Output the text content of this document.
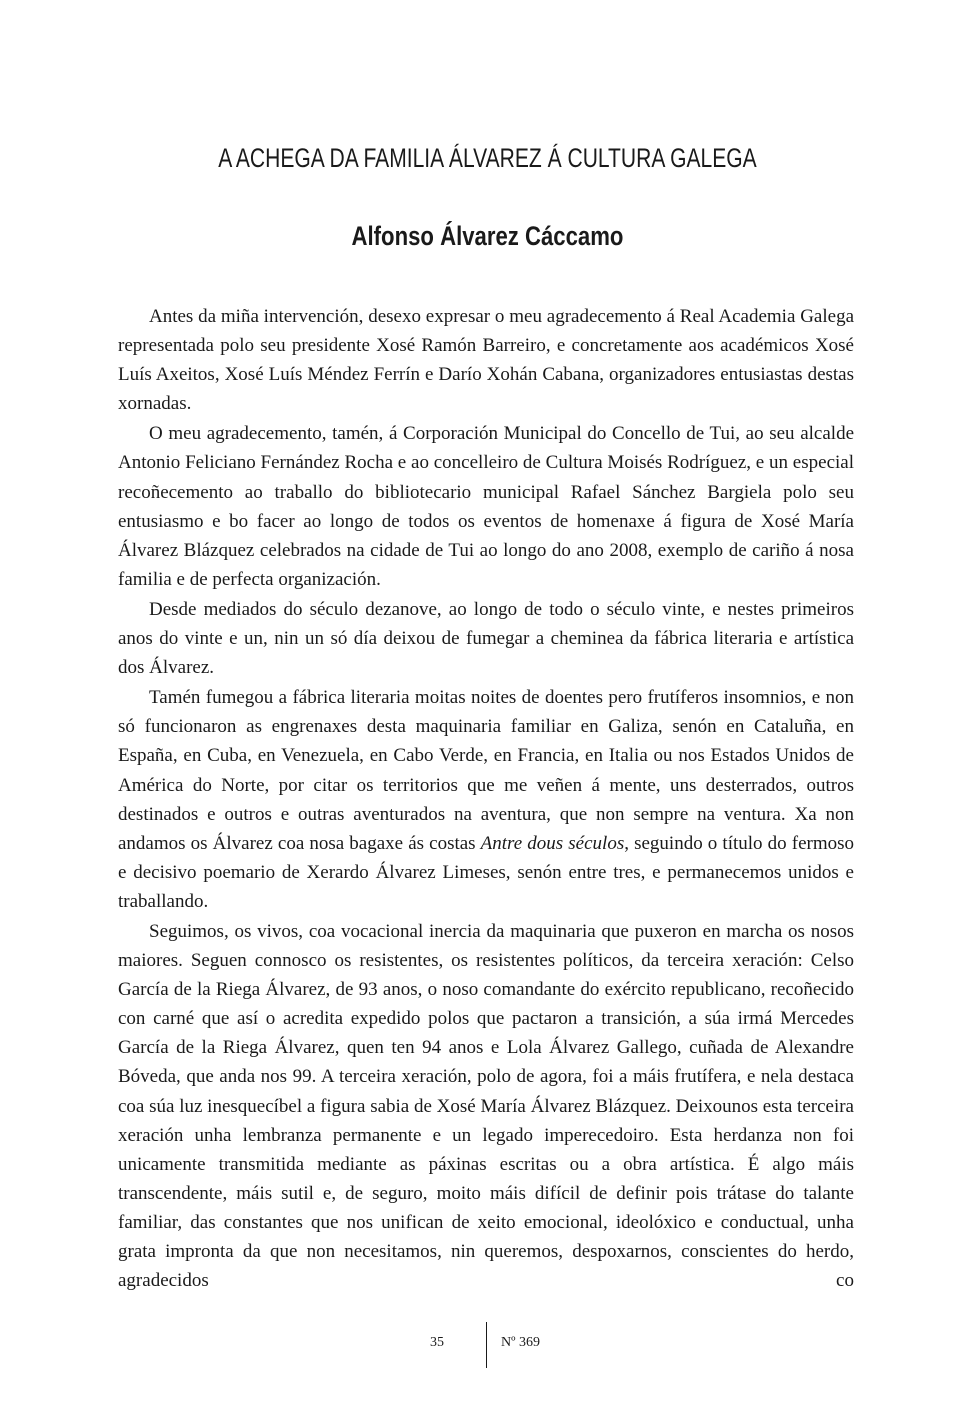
A ACHEGA DA FAMILIA ÁLVAREZ Á CULTURA GALEGA
Alfonso Álvarez Cáccamo

Antes da miña intervención, desexo expresar o meu agradecemento á Real Academia Galega representada polo seu presidente Xosé Ramón Barreiro, e concretamente aos académicos Xosé Luís Axeitos, Xosé Luís Méndez Ferrín e Darío Xohán Cabana, organizadores entusiastas destas xornadas.

O meu agradecemento, tamén, á Corporación Municipal do Concello de Tui, ao seu alcalde Antonio Feliciano Fernández Rocha e ao concelleiro de Cultura Moisés Rodríguez, e un especial recoñecemento ao traballo do bibliotecario municipal Rafael Sánchez Bargiela polo seu entusiasmo e bo facer ao longo de todos os eventos de homenaxe á figura de Xosé María Álvarez Blázquez celebrados na cidade de Tui ao longo do ano 2008, exemplo de cariño á nosa familia e de perfecta organización.

Desde mediados do século dezanove, ao longo de todo o século vinte, e nestes primeiros anos do vinte e un, nin un só día deixou de fumegar a cheminea da fábrica literaria e artística dos Álvarez.

Tamén fumegou a fábrica literaria moitas noites de doentes pero frutíferos insomnios, e non só funcionaron as engrenaxes desta maquinaria familiar en Galiza, senón en Cataluña, en España, en Cuba, en Venezuela, en Cabo Verde, en Francia, en Italia ou nos Estados Unidos de América do Norte, por citar os territorios que me veñen á mente, uns desterrados, outros destinados e outros e outras aventurados na aventura, que non sempre na ventura. Xa non andamos os Álvarez coa nosa bagaxe ás costas Antre dous séculos, seguindo o título do fermoso e decisivo poemario de Xerardo Álvarez Limeses, senón entre tres, e permanecemos unidos e traballando.

Seguimos, os vivos, coa vocacional inercia da maquinaria que puxeron en marcha os nosos maiores. Seguen connosco os resistentes, os resistentes políticos, da terceira xeración: Celso García de la Riega Álvarez, de 93 anos, o noso comandante do exército republicano, recoñecido con carné que así o acredita expedido polos que pactaron a transición, a súa irmá Mercedes García de la Riega Álvarez, quen ten 94 anos e Lola Álvarez Gallego, cuñada de Alexandre Bóveda, que anda nos 99. A terceira xeración, polo de agora, foi a máis frutífera, e nela destaca coa súa luz inesquecíbel a figura sabia de Xosé María Álvarez Blázquez. Deixounos esta terceira xeración unha lembranza permanente e un legado imperecedoiro. Esta herdanza non foi unicamente transmitida mediante as páxinas escritas ou a obra artística. É algo máis transcendente, máis sutil e, de seguro, moito máis difícil de definir pois trátase do talante familiar, das constantes que nos unifican de xeito emocional, ideolóxico e conductual, unha grata impronta da que non necesitamos, nin queremos, despoxarnos, conscientes do herdo, agradecidos co

35	Nº 369
